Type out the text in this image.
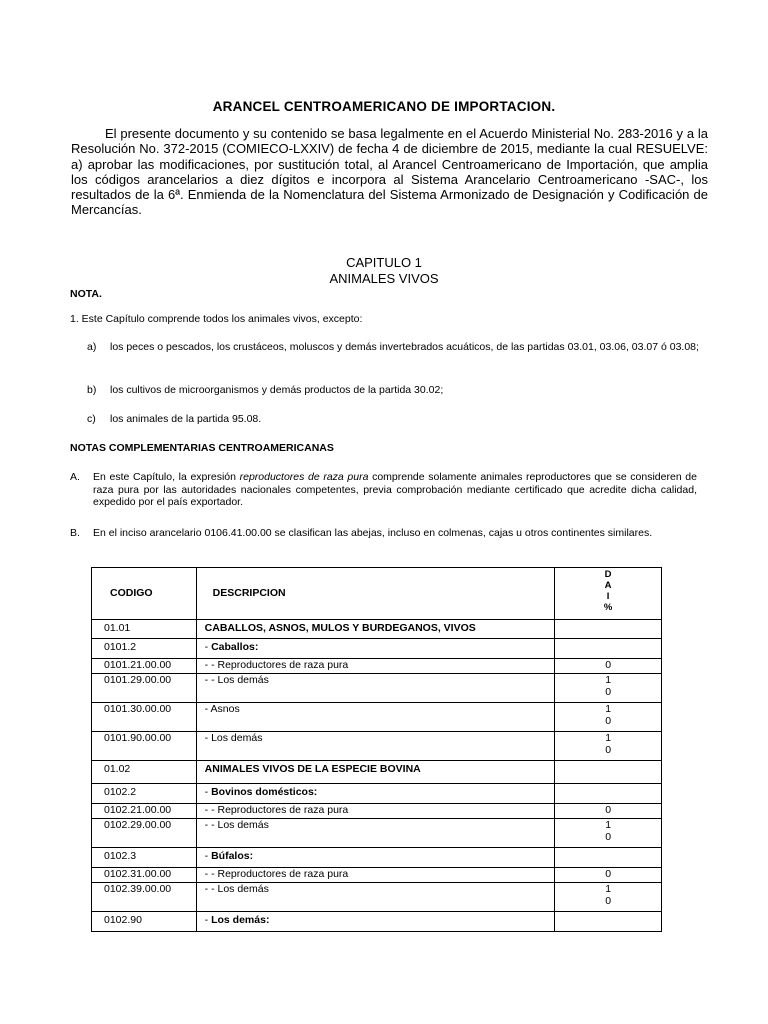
ARANCEL CENTROAMERICANO DE IMPORTACION.
El presente documento y su contenido se basa legalmente en el Acuerdo Ministerial No. 283-2016 y a la Resolución No. 372-2015 (COMIECO-LXXIV) de fecha 4 de diciembre de 2015, mediante la cual RESUELVE: a) aprobar las modificaciones, por sustitución total, al Arancel Centroamericano de Importación, que amplia los códigos arancelarios a diez dígitos e incorpora al Sistema Arancelario Centroamericano -SAC-, los resultados de la 6ª. Enmienda de la Nomenclatura del Sistema Armonizado de Designación y Codificación de Mercancías.
CAPITULO 1
ANIMALES VIVOS
NOTA.
1. Este Capítulo comprende todos los animales vivos, excepto:
a) los peces o pescados, los crustáceos, moluscos y demás invertebrados acuáticos, de las partidas 03.01, 03.06, 03.07 ó 03.08;
b) los cultivos de microorganismos y demás productos de la partida 30.02;
c) los animales de la partida 95.08.
NOTAS COMPLEMENTARIAS CENTROAMERICANAS
A. En este Capítulo, la expresión reproductores de raza pura comprende solamente animales reproductores que se consideren de raza pura por las autoridades nacionales competentes, previa comprobación mediante certificado que acredite dicha calidad, expedido por el país exportador.
B. En el inciso arancelario 0106.41.00.00 se clasifican las abejas, incluso en colmenas, cajas u otros continentes similares.
CODIGO	DESCRIPCION	D
A
I
%

01.01	CABALLOS, ASNOS, MULOS Y BURDEGANOS, VIVOS	
0101.2	- Caballos:	
0101.21.00.00	- - Reproductores de raza pura	0

0101.29.00.00	- - Los demás	1
0

0101.30.00.00	- Asnos	1
0

0101.90.00.00	- Los demás	1
0

01.02	ANIMALES VIVOS DE LA ESPECIE BOVINA	
0102.2	- Bovinos domésticos:	
0102.21.00.00	- - Reproductores de raza pura	0

0102.29.00.00	- - Los demás	1
0

0102.3	- Búfalos:	
0102.31.00.00	- - Reproductores de raza pura	0

0102.39.00.00	- - Los demás	1
0

0102.90	- Los demás:	
